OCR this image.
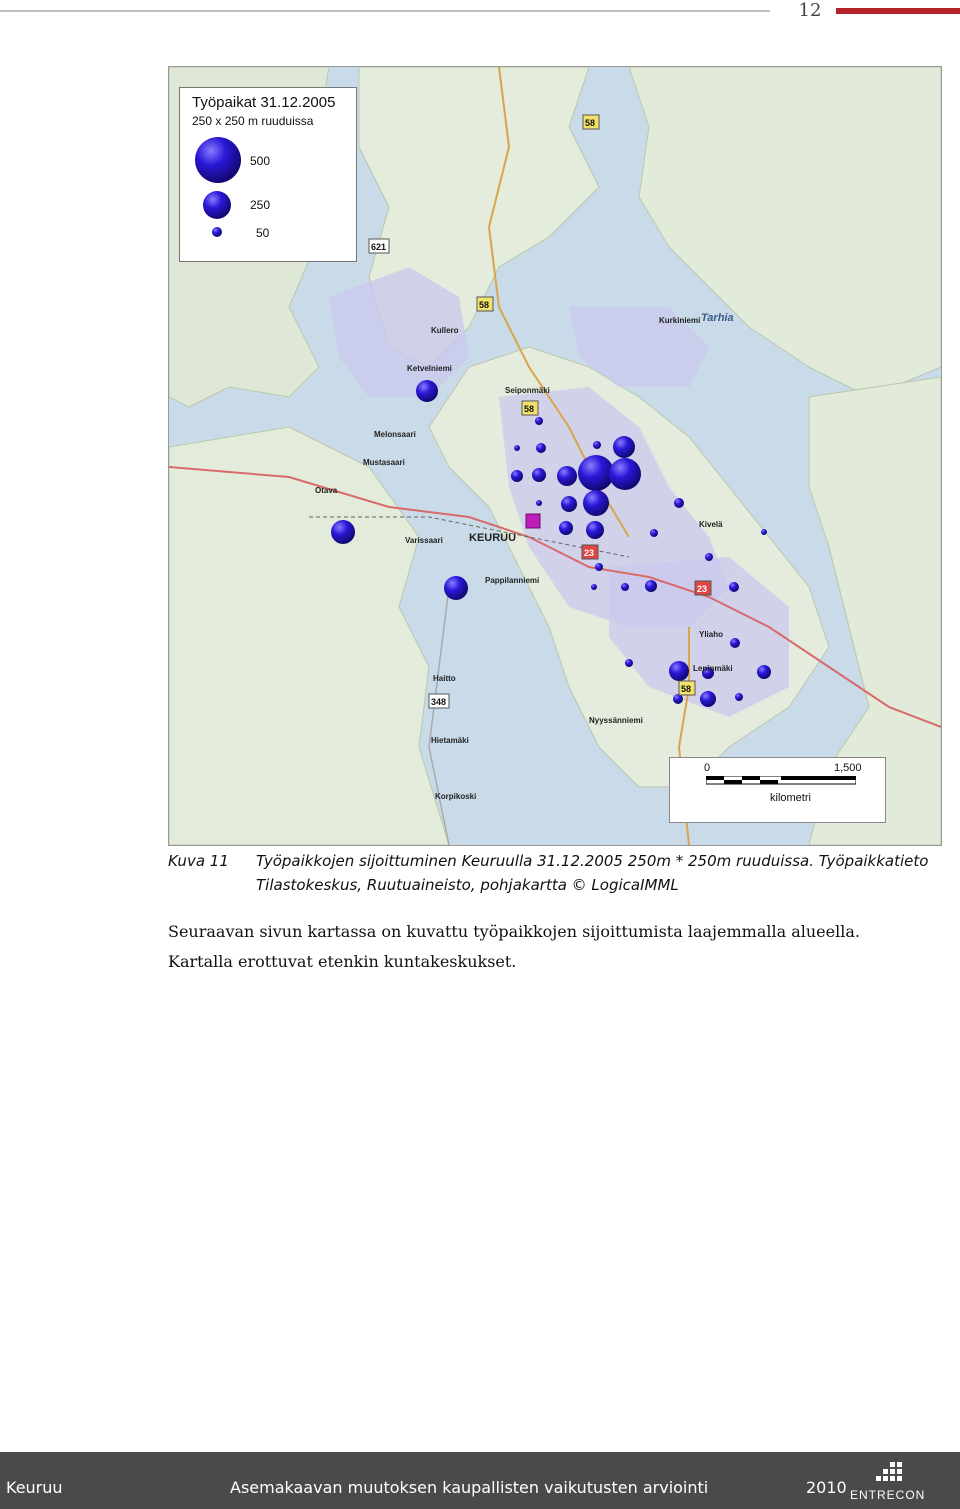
12
58
58
58
58
23
23
621
348
KEURUU
Otava
Mustasaari
Melonsaari
Ketvelniemi
Varissaari
Pappilanniemi
Kurkiniemi
Kivelä
Yliaho
Lepinmäki
Nyyssänniemi
Haitto
Hietamäki
Korpikoski
Seiponmäki
Kullero
Tarhia
Työpaikat 31.12.2005
250 x 250 m ruuduissa
500
250
50
0	1,500
kilometri
Kuva 11 Työpaikkojen sijoittuminen Keuruulla 31.12.2005 250m * 250m ruuduissa. Työpaikkatieto
Tilastokeskus, Ruutuaineisto, pohjakartta © LogicaIMML
Seuraavan sivun kartassa on kuvattu työpaikkojen sijoittumista laajemmalla alueella.
Kartalla erottuvat etenkin kuntakeskukset.
Keuruu	Asemakaavan muutoksen kaupallisten vaikutusten arviointi	2010 ENTRECON
